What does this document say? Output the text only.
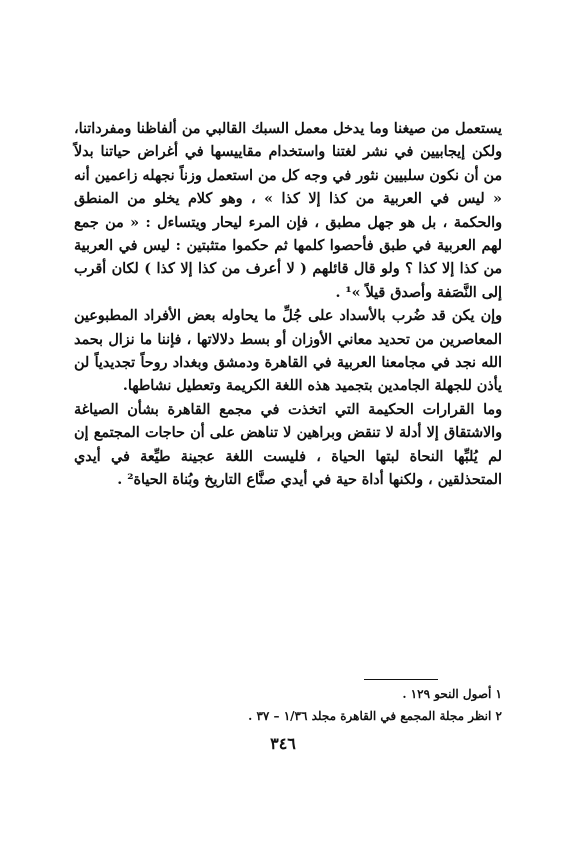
يستعمل من صيغنا وما يدخل معمل السبك القالبي من ألفاظنا ومفرداتنا، ولكن إيجابيين في نشر لغتنا واستخدام مقاييسها في أغراض حياتنا بدلاً من أن نكون سلبيين نثور في وجه كل من استعمل وزناً نجهله زاعمين أنه « ليس في العربية من كذا إلا كذا » ، وهو كلام يخلو من المنطق والحكمة ، بل هو جهل مطبق ، فإن المرء ليحار ويتساءل : « من جمع لهم العربية في طبق فأحصوا كلمها ثم حكموا متثبتين : ليس في العربية من كذا إلا كذا ؟ ولو قال قائلهم ( لا أعرف من كذا إلا كذا ) لكان أقرب إلى النَّصَفة وأصدق قيلاً »¹ .

وإن يكن قد ضُرب بالأسداد على جُلِّ ما يحاوله بعض الأفراد المطبوعين المعاصرين من تحديد معاني الأوزان أو بسط دلالاتها ، فإننا ما نزال بحمد الله نجد في مجامعنا العربية في القاهرة ودمشق وبغداد روحاً تجديدياً لن يأذن للجهلة الجامدين بتجميد هذه اللغة الكريمة وتعطيل نشاطها.

وما القرارات الحكيمة التي اتخذت في مجمع القاهرة بشأن الصياغة والاشتقاق إلا أدلة لا تنقض وبراهين لا تناهض على أن حاجات المجتمع إن لم يُلبِّها النحاة لبتها الحياة ، فليست اللغة عجينة طيِّعة في أيدي المتحذلقين ، ولكنها أداة حية في أيدي صنَّاع التاريخ وبُناة الحياة² .

١ أصول النحو ١٢٩ .
٢ انظر مجلة المجمع في القاهرة مجلد ١/٣٦ – ٣٧ .
٣٤٦
